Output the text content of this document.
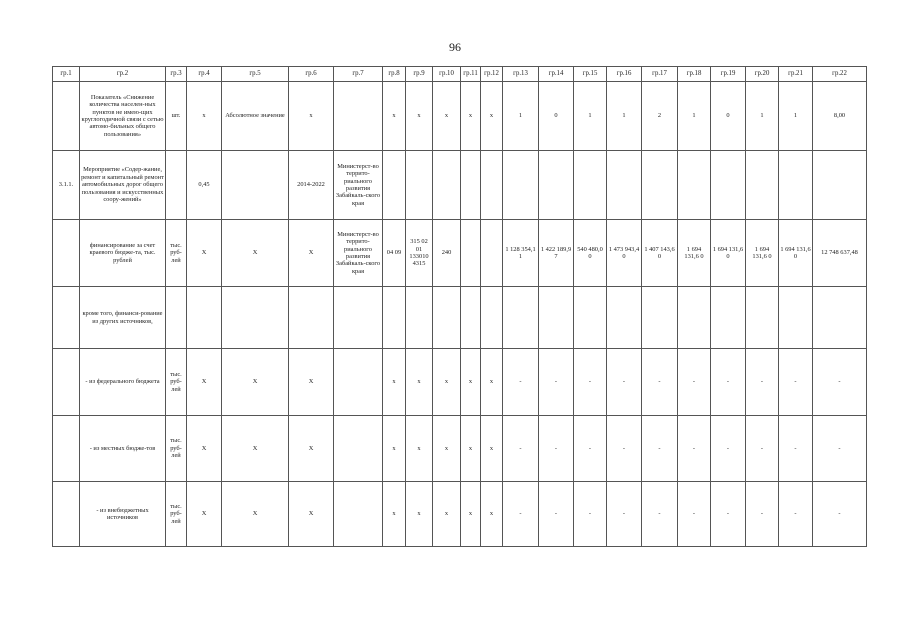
96
гр.1	гр.2	гр.3	гр.4	гр.5	гр.6	гр.7	гр.8	гр.9	гр.10	гр.11	гр.12	гр.13	гр.14	гр.15	гр.16	гр.17	гр.18	гр.19	гр.20	гр.21	гр.22
	Показатель «Снижение количества населен-ных пунктов не имею-щих круглогодичной связи с сетью автомо-бильных общего пользования»	шт.	х	Абсолютное значение	х		х	х	х	х	х	1	0	1	1	2	1	0	1	1	8,00
3.1.1.	Мероприятие «Содер-жание, ремонт и капитальный ремонт автомобильных дорог общего пользования и искусственных соору-жений»		0,45		2014-2022	Министерст-во террито-риального развития Забайкаль-ского края															
	финансирование за счет краевого бюдже-та, тыс. рублей	тыс. руб-лей	Х	Х	Х	Министерст-во террито-риального развития Забайкаль-ского края	04 09	315 02 01 133010 4315	240			1 128 354,1 1	1 422 189,9 7	540 480,0 0	1 473 943,4 0	1 407 143,6 0	1 694 131,6 0	1 694 131,6 0	1 694 131,6 0	1 694 131,6 0	12 748 637,48
	кроме того, финанси-рование из других источников,																				
	- из федерального бюджета	тыс. руб-лей	Х	Х	Х		х	х	х	х	х	-	-	-	-	-	-	-	-	-	-
	- из местных бюдже-тов	тыс. руб-лей	Х	Х	Х		х	х	х	х	х	-	-	-	-	-	-	-	-	-	-
	- из внебюджетных источников	тыс. руб-лей	Х	Х	Х		х	х	х	х	х	-	-	-	-	-	-	-	-	-	-
